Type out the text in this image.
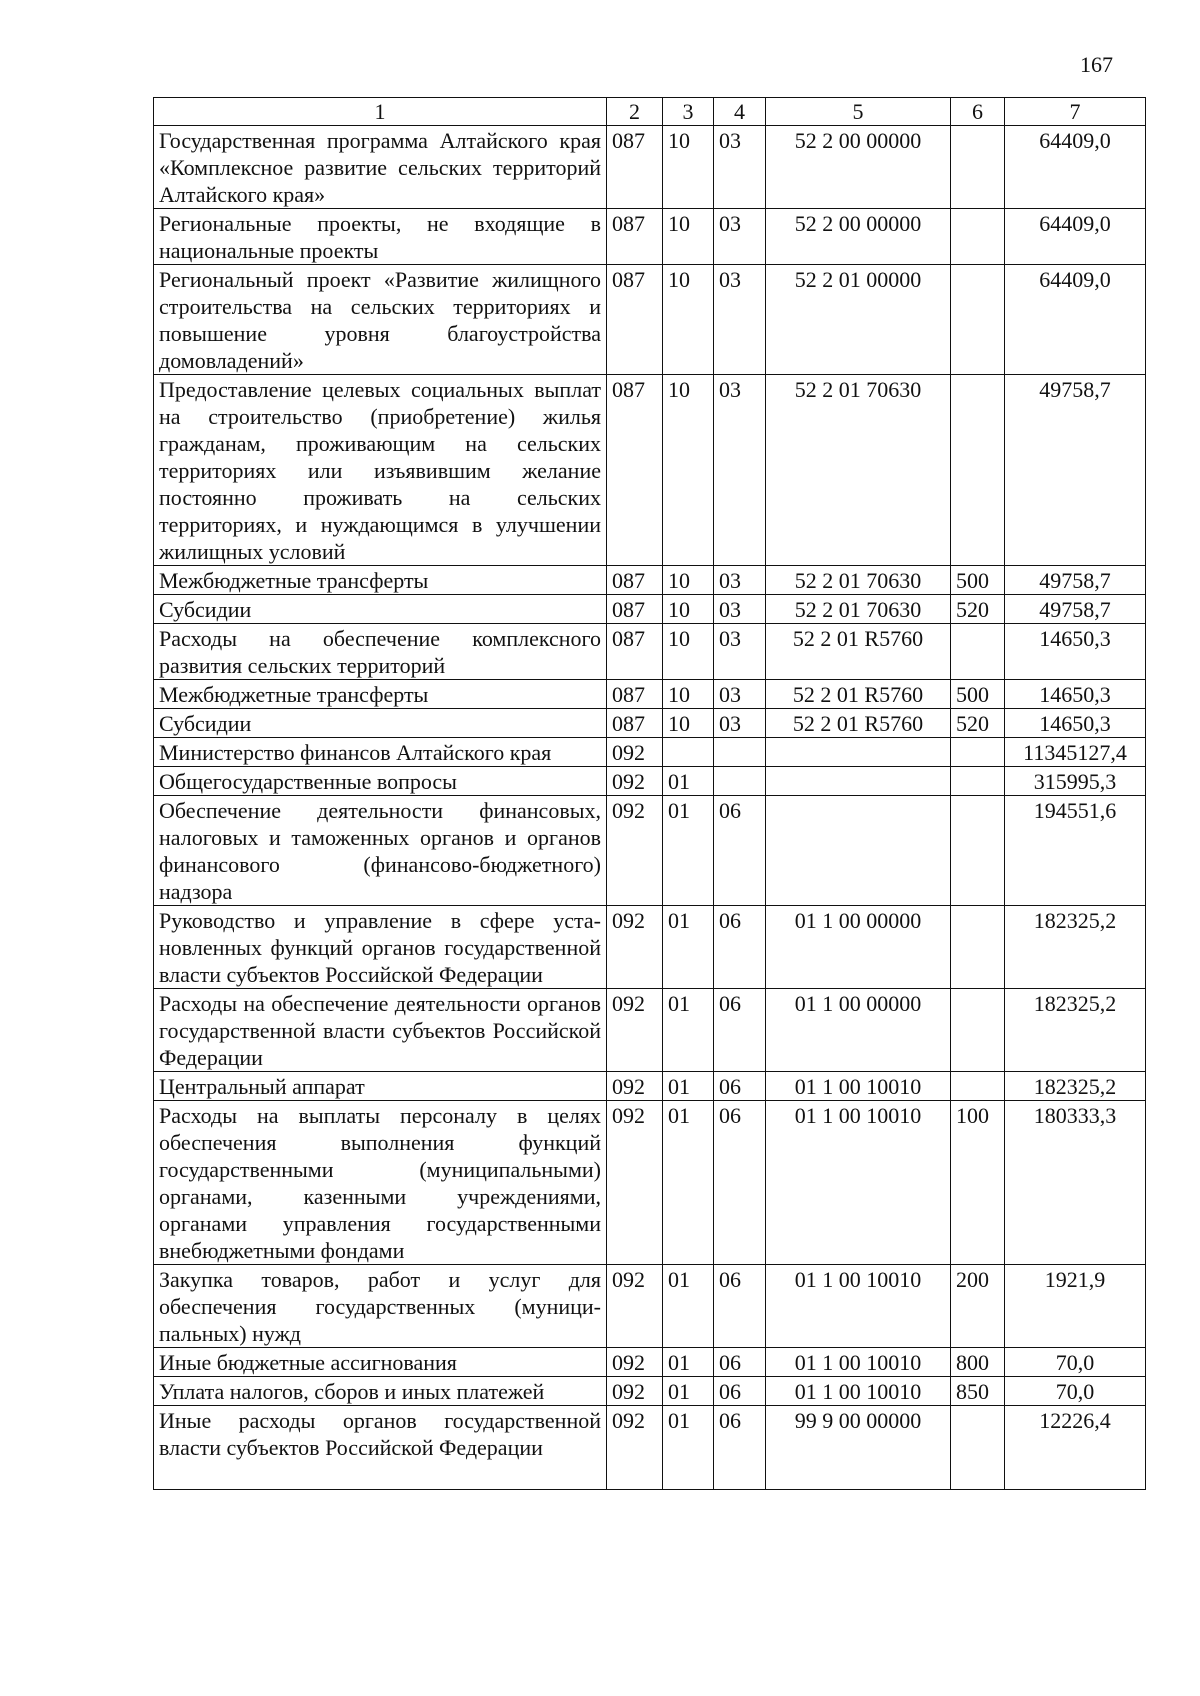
167
1	2	3	4	5	6	7
Государственная программа Алтайского края «Комплексное развитие сельских территорий Алтайского края»	087	10	03	52 2 00 00000		64409,0
Региональные проекты, не входящие в национальные проекты	087	10	03	52 2 00 00000		64409,0
Региональный проект «Развитие жилищного строительства на сельских территориях и повышение уровня благоустройства домовладений»	087	10	03	52 2 01 00000		64409,0
Предоставление целевых социальных выплат на строительство (приобретение) жилья гражданам, проживающим на сельских территориях или изъявившим желание постоянно проживать на сельских территориях, и нуждающимся в улучшении жилищных условий	087	10	03	52 2 01 70630		49758,7
Межбюджетные трансферты	087	10	03	52 2 01 70630	500	49758,7
Субсидии	087	10	03	52 2 01 70630	520	49758,7
Расходы на обеспечение комплексного развития сельских территорий	087	10	03	52 2 01 R5760		14650,3
Межбюджетные трансферты	087	10	03	52 2 01 R5760	500	14650,3
Субсидии	087	10	03	52 2 01 R5760	520	14650,3
Министерство финансов Алтайского края	092					11345127,4
Общегосударственные вопросы	092	01				315995,3
Обеспечение деятельности финансовых, налоговых и таможенных органов и органов финансового (финансово-бюджетного) надзора	092	01	06			194551,6
Руководство и управление в сфере установленных функций органов государственной власти субъектов Российской Федерации	092	01	06	01 1 00 00000		182325,2
Расходы на обеспечение деятельности органов государственной власти субъектов Российской Федерации	092	01	06	01 1 00 00000		182325,2
Центральный аппарат	092	01	06	01 1 00 10010		182325,2
Расходы на выплаты персоналу в целях обеспечения выполнения функций государственными (муниципальными) органами, казенными учреждениями, органами управления государственными внебюджетными фондами	092	01	06	01 1 00 10010	100	180333,3
Закупка товаров, работ и услуг для обеспечения государственных (муниципальных) нужд	092	01	06	01 1 00 10010	200	1921,9
Иные бюджетные ассигнования	092	01	06	01 1 00 10010	800	70,0
Уплата налогов, сборов и иных платежей	092	01	06	01 1 00 10010	850	70,0
Иные расходы органов государственной власти субъектов Российской Федерации	092	01	06	99 9 00 00000		12226,4
